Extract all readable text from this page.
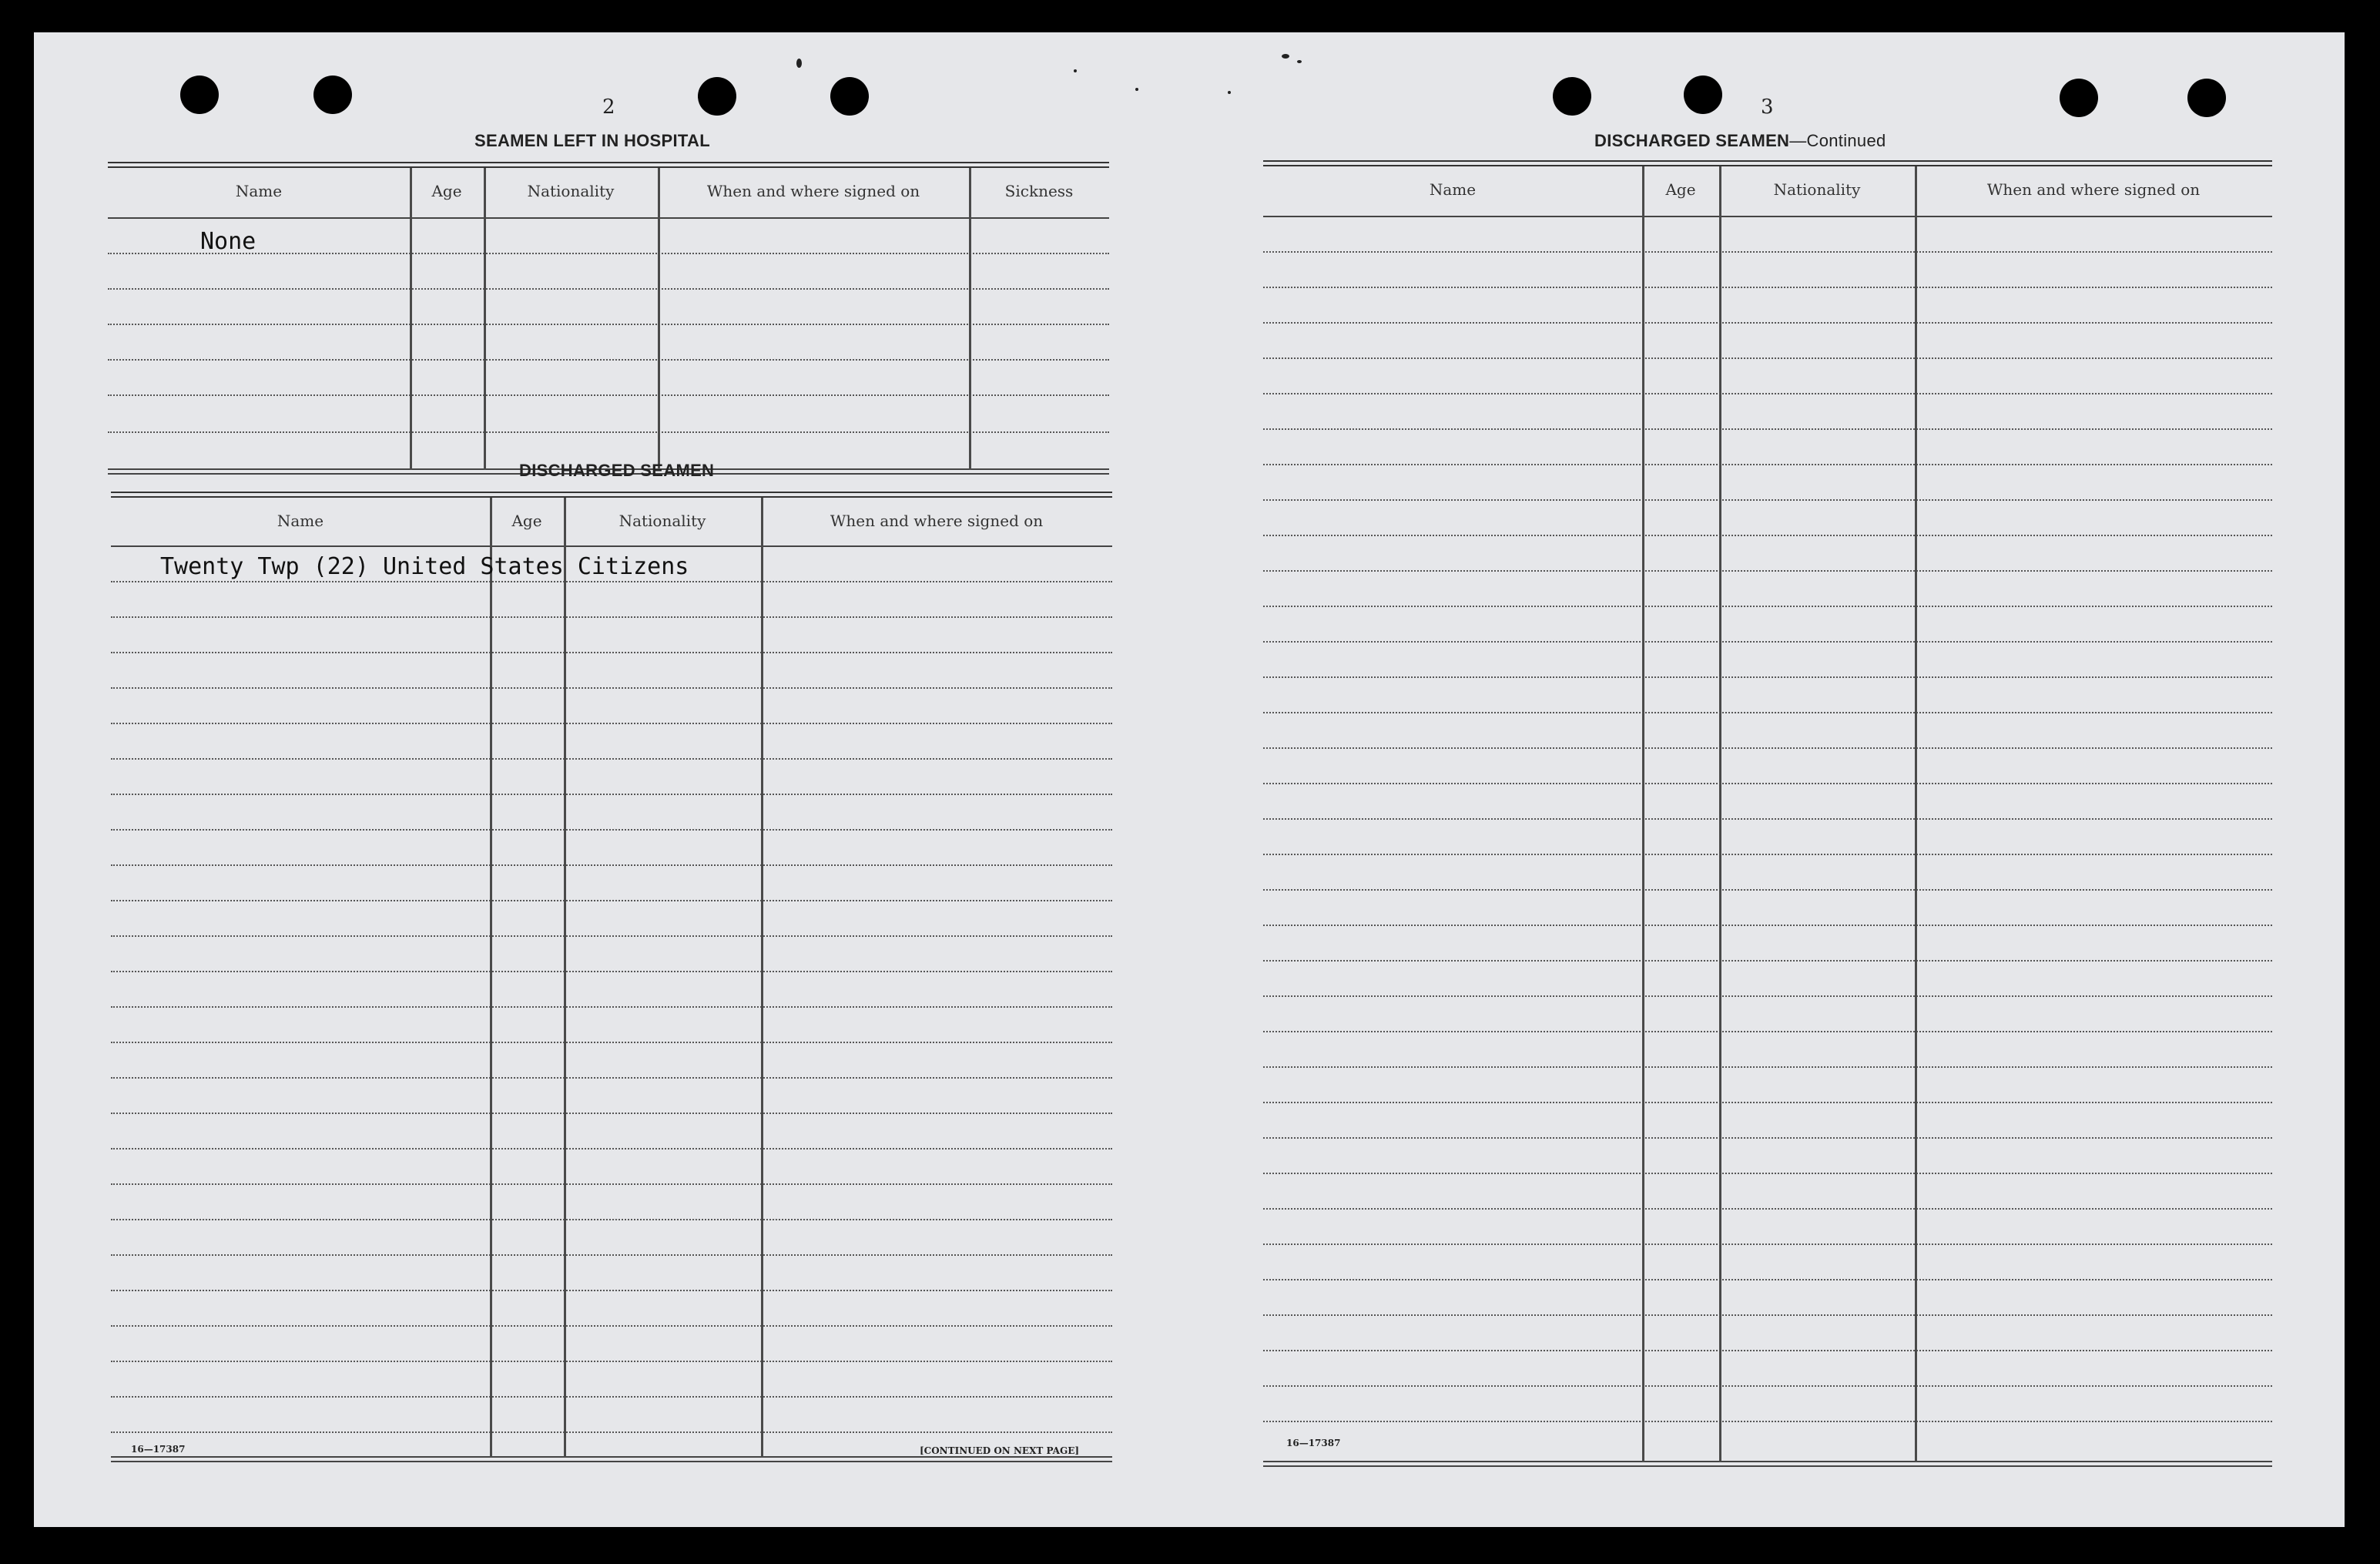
2
SEAMEN LEFT IN HOSPITAL
Name	Age	Nationality	When and where signed on	Sickness
None
DISCHARGED SEAMEN
Name	Age	Nationality	When and where signed on
Twenty Twp (22) United States Citizens
16—17387	[CONTINUED ON NEXT PAGE]
3
DISCHARGED SEAMEN—Continued
Name	Age	Nationality	When and where signed on
16—17387
